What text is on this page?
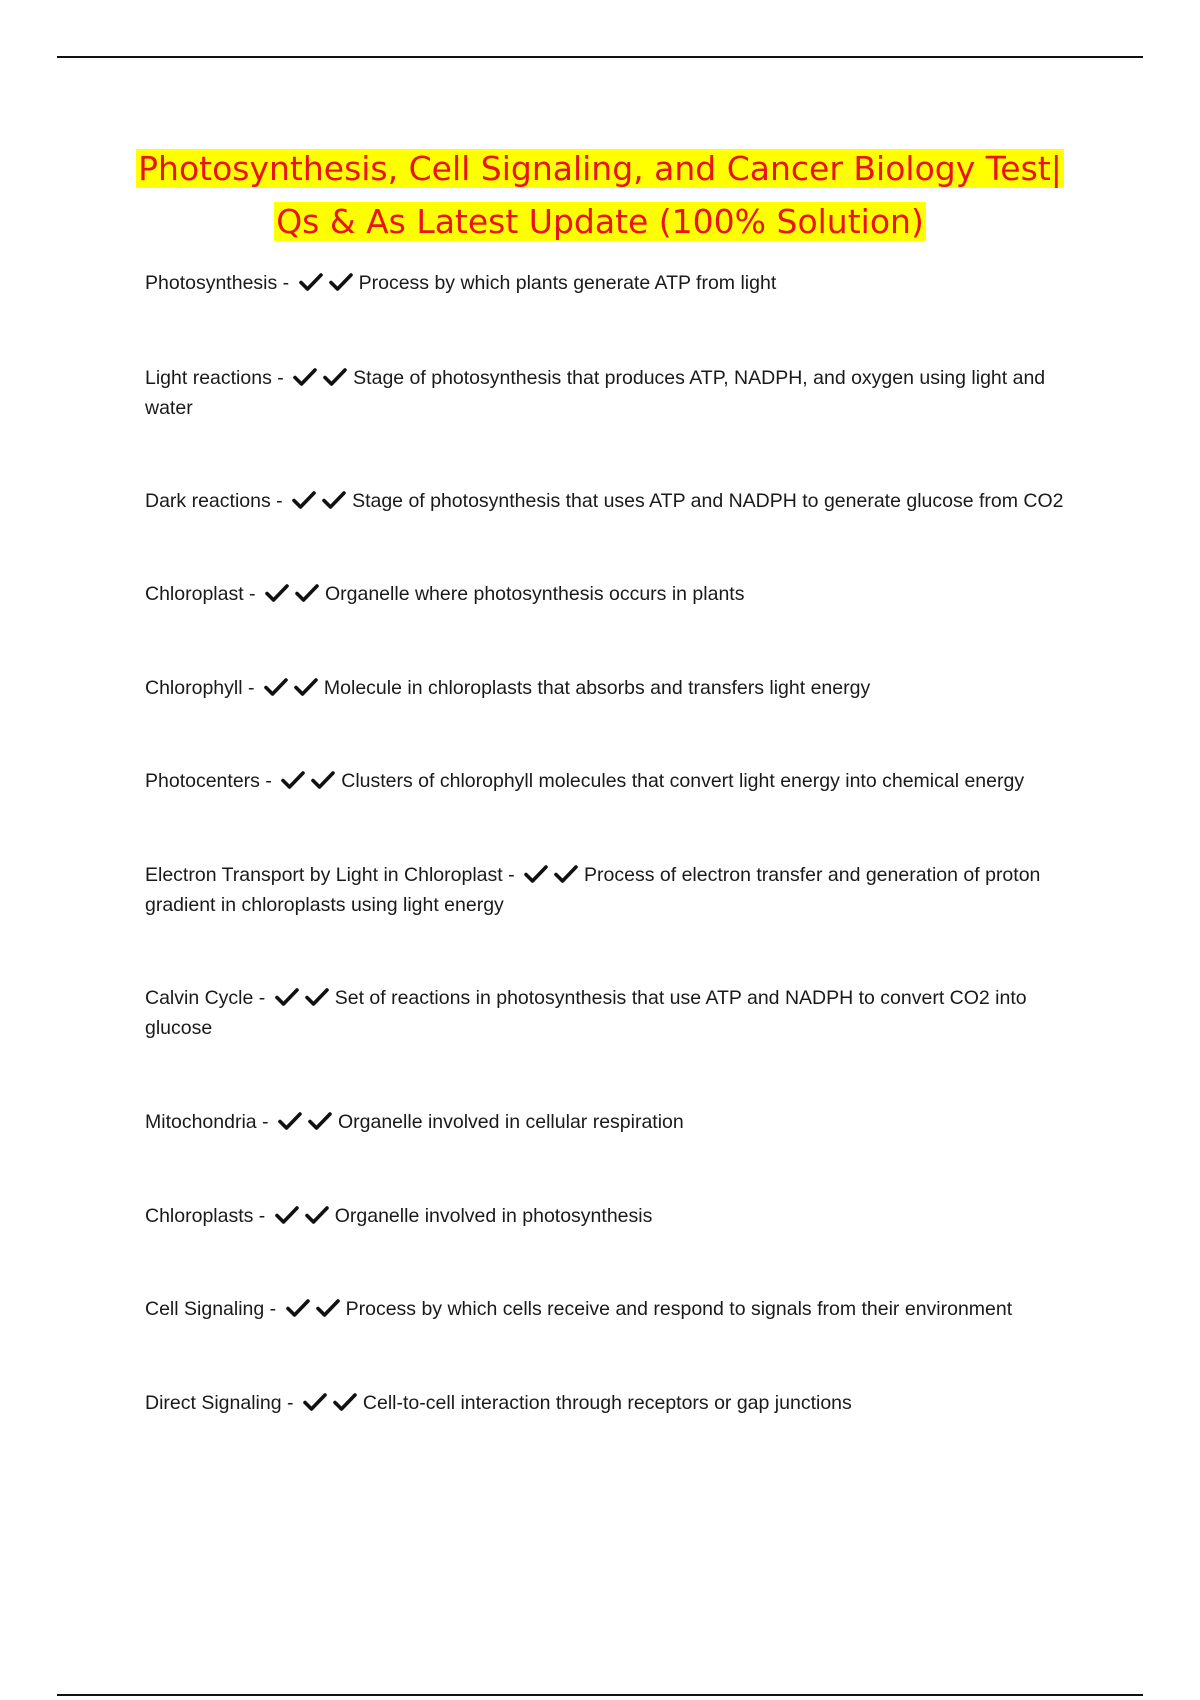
Photosynthesis, Cell Signaling, and Cancer Biology Test|
Qs & As Latest Update (100% Solution)
Photosynthesis -	Process by which plants generate ATP from light
Light reactions -	Stage of photosynthesis that produces ATP, NADPH, and oxygen using light and water
Dark reactions -	Stage of photosynthesis that uses ATP and NADPH to generate glucose from CO2
Chloroplast -	Organelle where photosynthesis occurs in plants
Chlorophyll -	Molecule in chloroplasts that absorbs and transfers light energy
Photocenters -	Clusters of chlorophyll molecules that convert light energy into chemical energy
Electron Transport by Light in Chloroplast -	Process of electron transfer and generation of proton gradient in chloroplasts using light energy
Calvin Cycle -	Set of reactions in photosynthesis that use ATP and NADPH to convert CO2 into glucose
Mitochondria -	Organelle involved in cellular respiration
Chloroplasts -	Organelle involved in photosynthesis
Cell Signaling -	Process by which cells receive and respond to signals from their environment
Direct Signaling -	Cell-to-cell interaction through receptors or gap junctions
